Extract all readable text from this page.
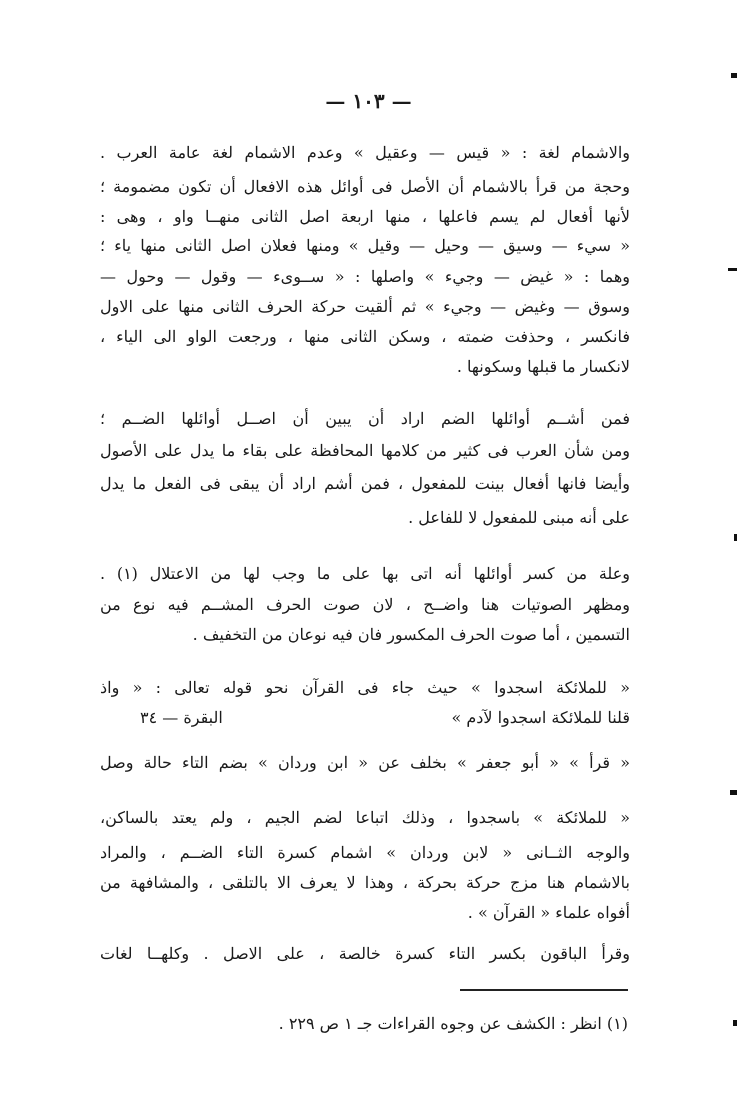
— ١٠٣ —
والاشمام لغة : « قيس — وعقيل » وعدم الاشمام لغة عامة العرب .
وحجة من قرأ بالاشمام أن الأصل فى أوائل هذه الافعال أن تكون مضمومة ؛
لأنها أفعال لم يسم فاعلها ، منها اربعة اصل الثانى منهــا واو ، وهى :
« سيء — وسيق — وحيل — وقيل » ومنها فعلان اصل الثانى منها ياء ؛
وهما : « غيض — وجيء » واصلها : « ســوىء — وقول — وحول —
وسوق — وغيض — وجيء » ثم ألقيت حركة الحرف الثانى منها على الاول
فانكسر ، وحذفت ضمته ، وسكن الثانى منها ، ورجعت الواو الى الياء ،
لانكسار ما قبلها وسكونها .
فمن أشــم أوائلها الضم اراد أن يبين أن اصــل أوائلها الضــم ؛
ومن شأن العرب فى كثير من كلامها المحافظة على بقاء ما يدل على الأصول
وأيضا فانها أفعال بينت للمفعول ، فمن أشم اراد أن يبقى فى الفعل ما يدل
على أنه مبنى للمفعول لا للفاعل .
وعلة من كسر أوائلها أنه اتى بها على ما وجب لها من الاعتلال (١) .
ومظهر الصوتيات هنا واضــح ، لان صوت الحرف المشــم فيه نوع من
التسمين ، أما صوت الحرف المكسور فان فيه نوعان من التخفيف .
« للملائكة اسجدوا » حيث جاء فى القرآن نحو قوله تعالى : « واذ
قلنا للملائكة اسجدوا لآدم »
البقرة — ٣٤
« قرأ » « أبو جعفر » بخلف عن « ابن وردان » بضم التاء حالة وصل
« للملائكة » باسجدوا ، وذلك اتباعا لضم الجيم ، ولم يعتد بالساكن،
والوجه الثــانى « لابن وردان » اشمام كسرة التاء الضــم ، والمراد
بالاشمام هنا مزج حركة بحركة ، وهذا لا يعرف الا بالتلقى ، والمشافهة من
أفواه علماء « القرآن » .
وقرأ الباقون بكسر التاء كسرة خالصة ، على الاصل . وكلهــا لغات
(١) انظر : الكشف عن وجوه القراءات جـ ١ ص ٢٢٩ .
